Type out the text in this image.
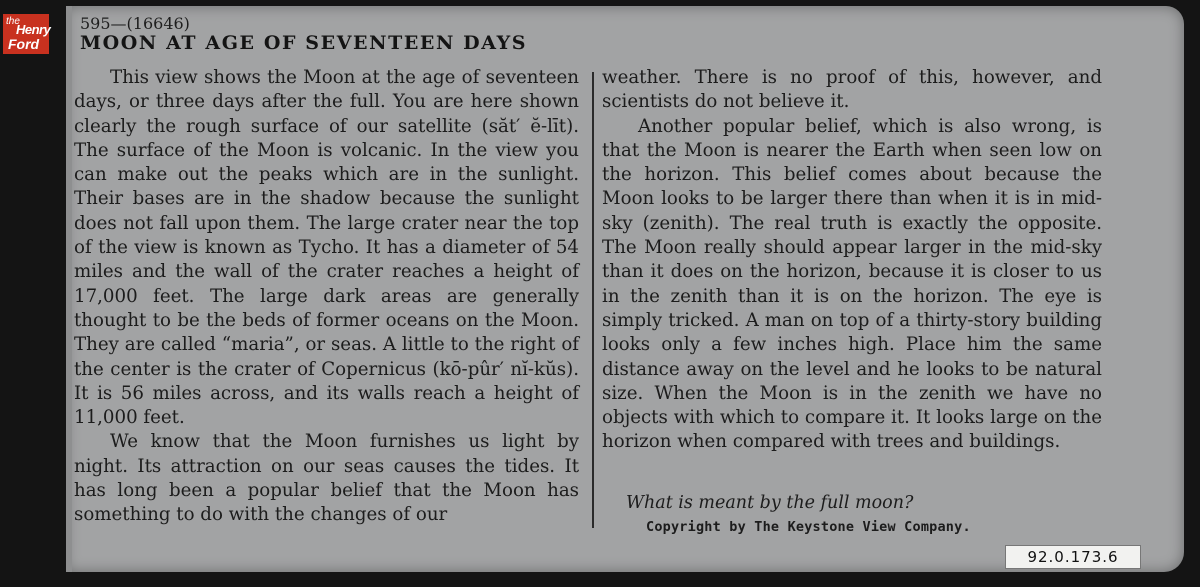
595—(16646)
MOON AT AGE OF SEVENTEEN DAYS

This view shows the Moon at the age of seventeen days, or three days after the full. You are here shown clearly the rough surface of our satellite (săt′ ĕ-līt). The surface of the Moon is volcanic. In the view you can make out the peaks which are in the sunlight. Their bases are in the shadow because the sunlight does not fall upon them. The large crater near the top of the view is known as Tycho. It has a diameter of 54 miles and the wall of the crater reaches a height of 17,000 feet. The large dark areas are generally thought to be the beds of former oceans on the Moon. They are called “maria”, or seas. A little to the right of the center is the crater of Copernicus (kō-pûr′ nĭ-kŭs). It is 56 miles across, and its walls reach a height of 11,000 feet.

We know that the Moon furnishes us light by night. Its attraction on our seas causes the tides. It has long been a popular belief that the Moon has something to do with the changes of our

weather. There is no proof of this, however, and scientists do not believe it.

Another popular belief, which is also wrong, is that the Moon is nearer the Earth when seen low on the horizon. This belief comes about because the Moon looks to be larger there than when it is in mid-sky (zenith). The real truth is exactly the opposite. The Moon really should appear larger in the mid-sky than it does on the horizon, because it is closer to us in the zenith than it is on the horizon. The eye is simply tricked. A man on top of a thirty-story building looks only a few inches high. Place him the same distance away on the level and he looks to be natural size. When the Moon is in the zenith we have no objects with which to compare it. It looks large on the horizon when compared with trees and buildings.

What is meant by the full moon?
Copyright by The Keystone View Company.
the
Henry
Ford
92.0.173.6
